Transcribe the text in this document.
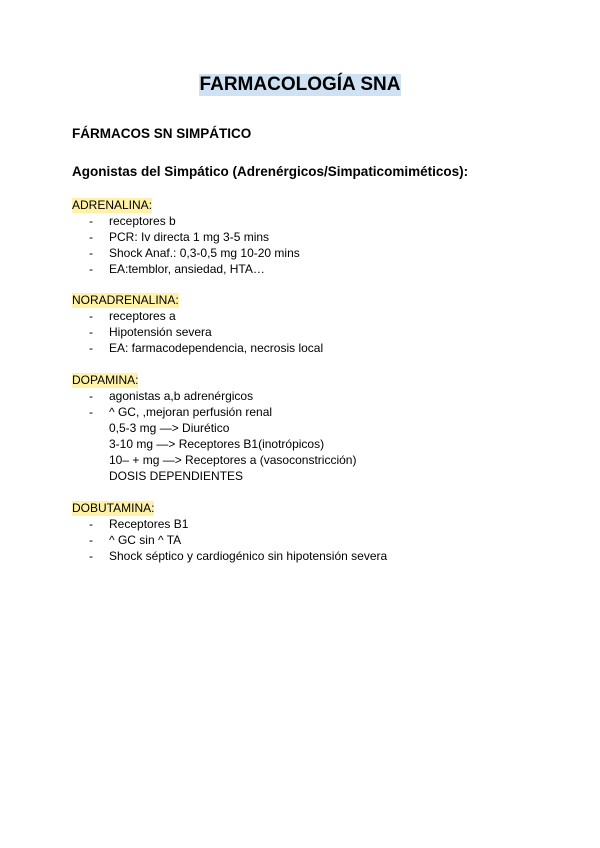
FARMACOLOGÍA SNA
FÁRMACOS SN SIMPÁTICO
Agonistas del Simpático (Adrenérgicos/Simpaticomiméticos):
ADRENALINA:
- receptores b
- PCR: Iv directa 1 mg 3-5 mins
- Shock Anaf.: 0,3-0,5 mg 10-20 mins
- EA:temblor, ansiedad, HTA…
NORADRENALINA:
- receptores a
- Hipotensión severa
- EA: farmacodependencia, necrosis local
DOPAMINA:
- agonistas a,b adrenérgicos
- ^ GC, ,mejoran perfusión renal
0,5-3 mg —> Diurético
3-10 mg —> Receptores B1(inotrópicos)
10– + mg —> Receptores a (vasoconstricción)
DOSIS DEPENDIENTES
DOBUTAMINA:
- Receptores B1
- ^ GC sin ^ TA
- Shock séptico y cardiogénico sin hipotensión severa
